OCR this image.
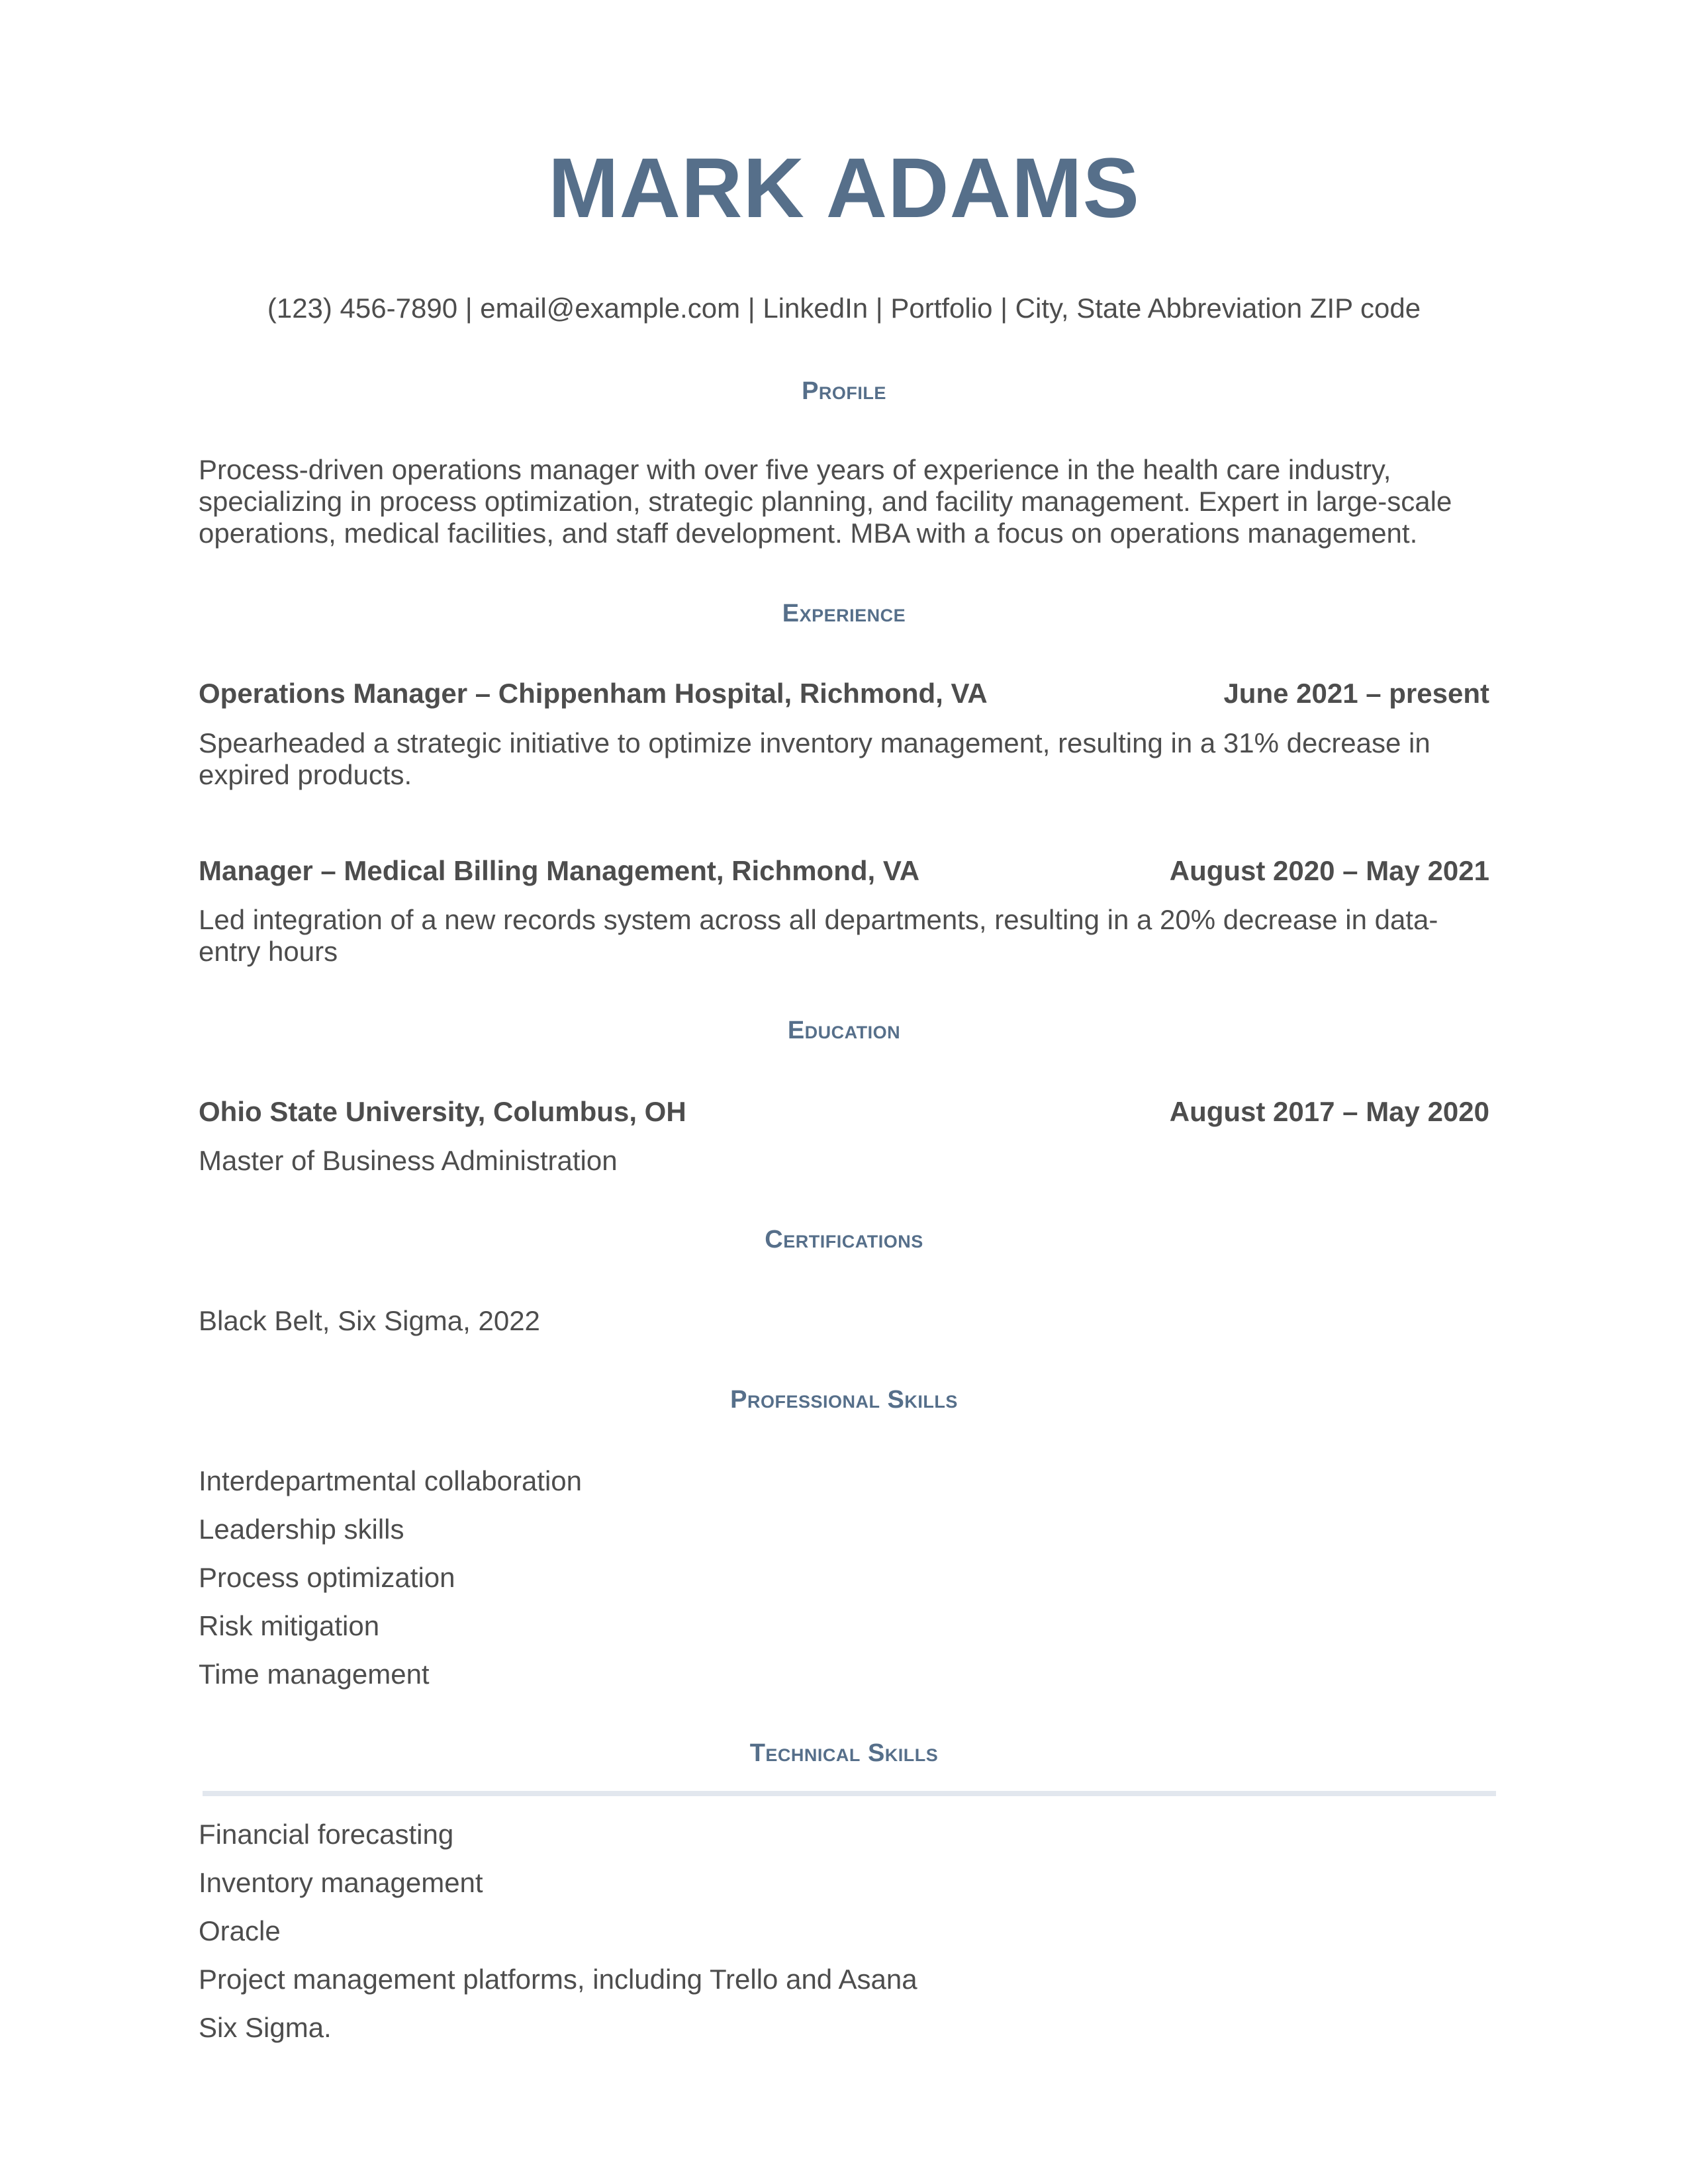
MARK ADAMS
(123) 456-7890 | email@example.com | LinkedIn | Portfolio | City, State Abbreviation ZIP code
Profile
Process-driven operations manager with over five years of experience in the health care industry, specializing in process optimization, strategic planning, and facility management. Expert in large-scale operations, medical facilities, and staff development. MBA with a focus on operations management.
Experience
Operations Manager – Chippenham Hospital, Richmond, VA	June 2021 – present
Spearheaded a strategic initiative to optimize inventory management, resulting in a 31% decrease in expired products.
Manager – Medical Billing Management, Richmond, VA	August 2020 – May 2021
Led integration of a new records system across all departments, resulting in a 20% decrease in data-entry hours
Education
Ohio State University, Columbus, OH	August 2017 – May 2020
Master of Business Administration
Certifications
Black Belt, Six Sigma, 2022
Professional Skills
Interdepartmental collaboration
Leadership skills
Process optimization
Risk mitigation
Time management
Technical Skills
Financial forecasting
Inventory management
Oracle
Project management platforms, including Trello and Asana
Six Sigma.
